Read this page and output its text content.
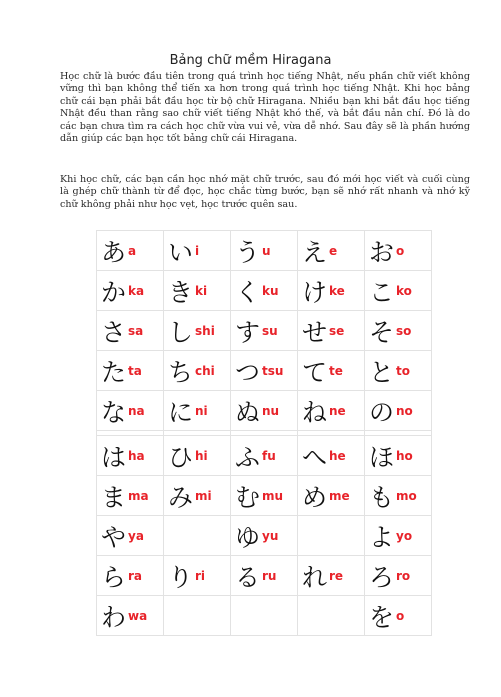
Bảng chữ mềm Hiragana

Học chữ là bước đầu tiên trong quá trình học tiếng Nhật, nếu phần chữ viết không vững thì bạn không thể tiến xa hơn trong quá trình học tiếng Nhật. Khi học bảng chữ cái bạn phải bắt đầu học từ bộ chữ Hiragana. Nhiều bạn khi bắt đầu học tiếng Nhật đều than rằng sao chữ viết tiếng Nhật khó thế, và bắt đầu nản chí. Đó là do các bạn chưa tìm ra cách học chữ vừa vui vẻ, vừa dễ nhớ. Sau đây sẽ là phần hướng dẫn giúp các bạn học tốt bảng chữ cái Hiragana.

Khi học chữ, các bạn cần học nhớ mặt chữ trước, sau đó mới học viết và cuối cùng là ghép chữ thành từ để đọc, học chắc từng bước, bạn sẽ nhớ rất nhanh và nhớ kỹ chữ không phải như học vẹt, học trước quên sau.

あ a	い i	う u	え e	お o
か ka	き ki	く ku	け ke	こ ko
さ sa	し shi	す su	せ se	そ so
た ta	ち chi	つ tsu	て te	と to
な na	に ni	ぬ nu	ね ne	の no

は ha	ひ hi	ふ fu	へ he	ほ ho
ま ma	み mi	む mu	め me	も mo
や ya		ゆ yu		よ yo
ら ra	り ri	る ru	れ re	ろ ro
わ wa				を o
